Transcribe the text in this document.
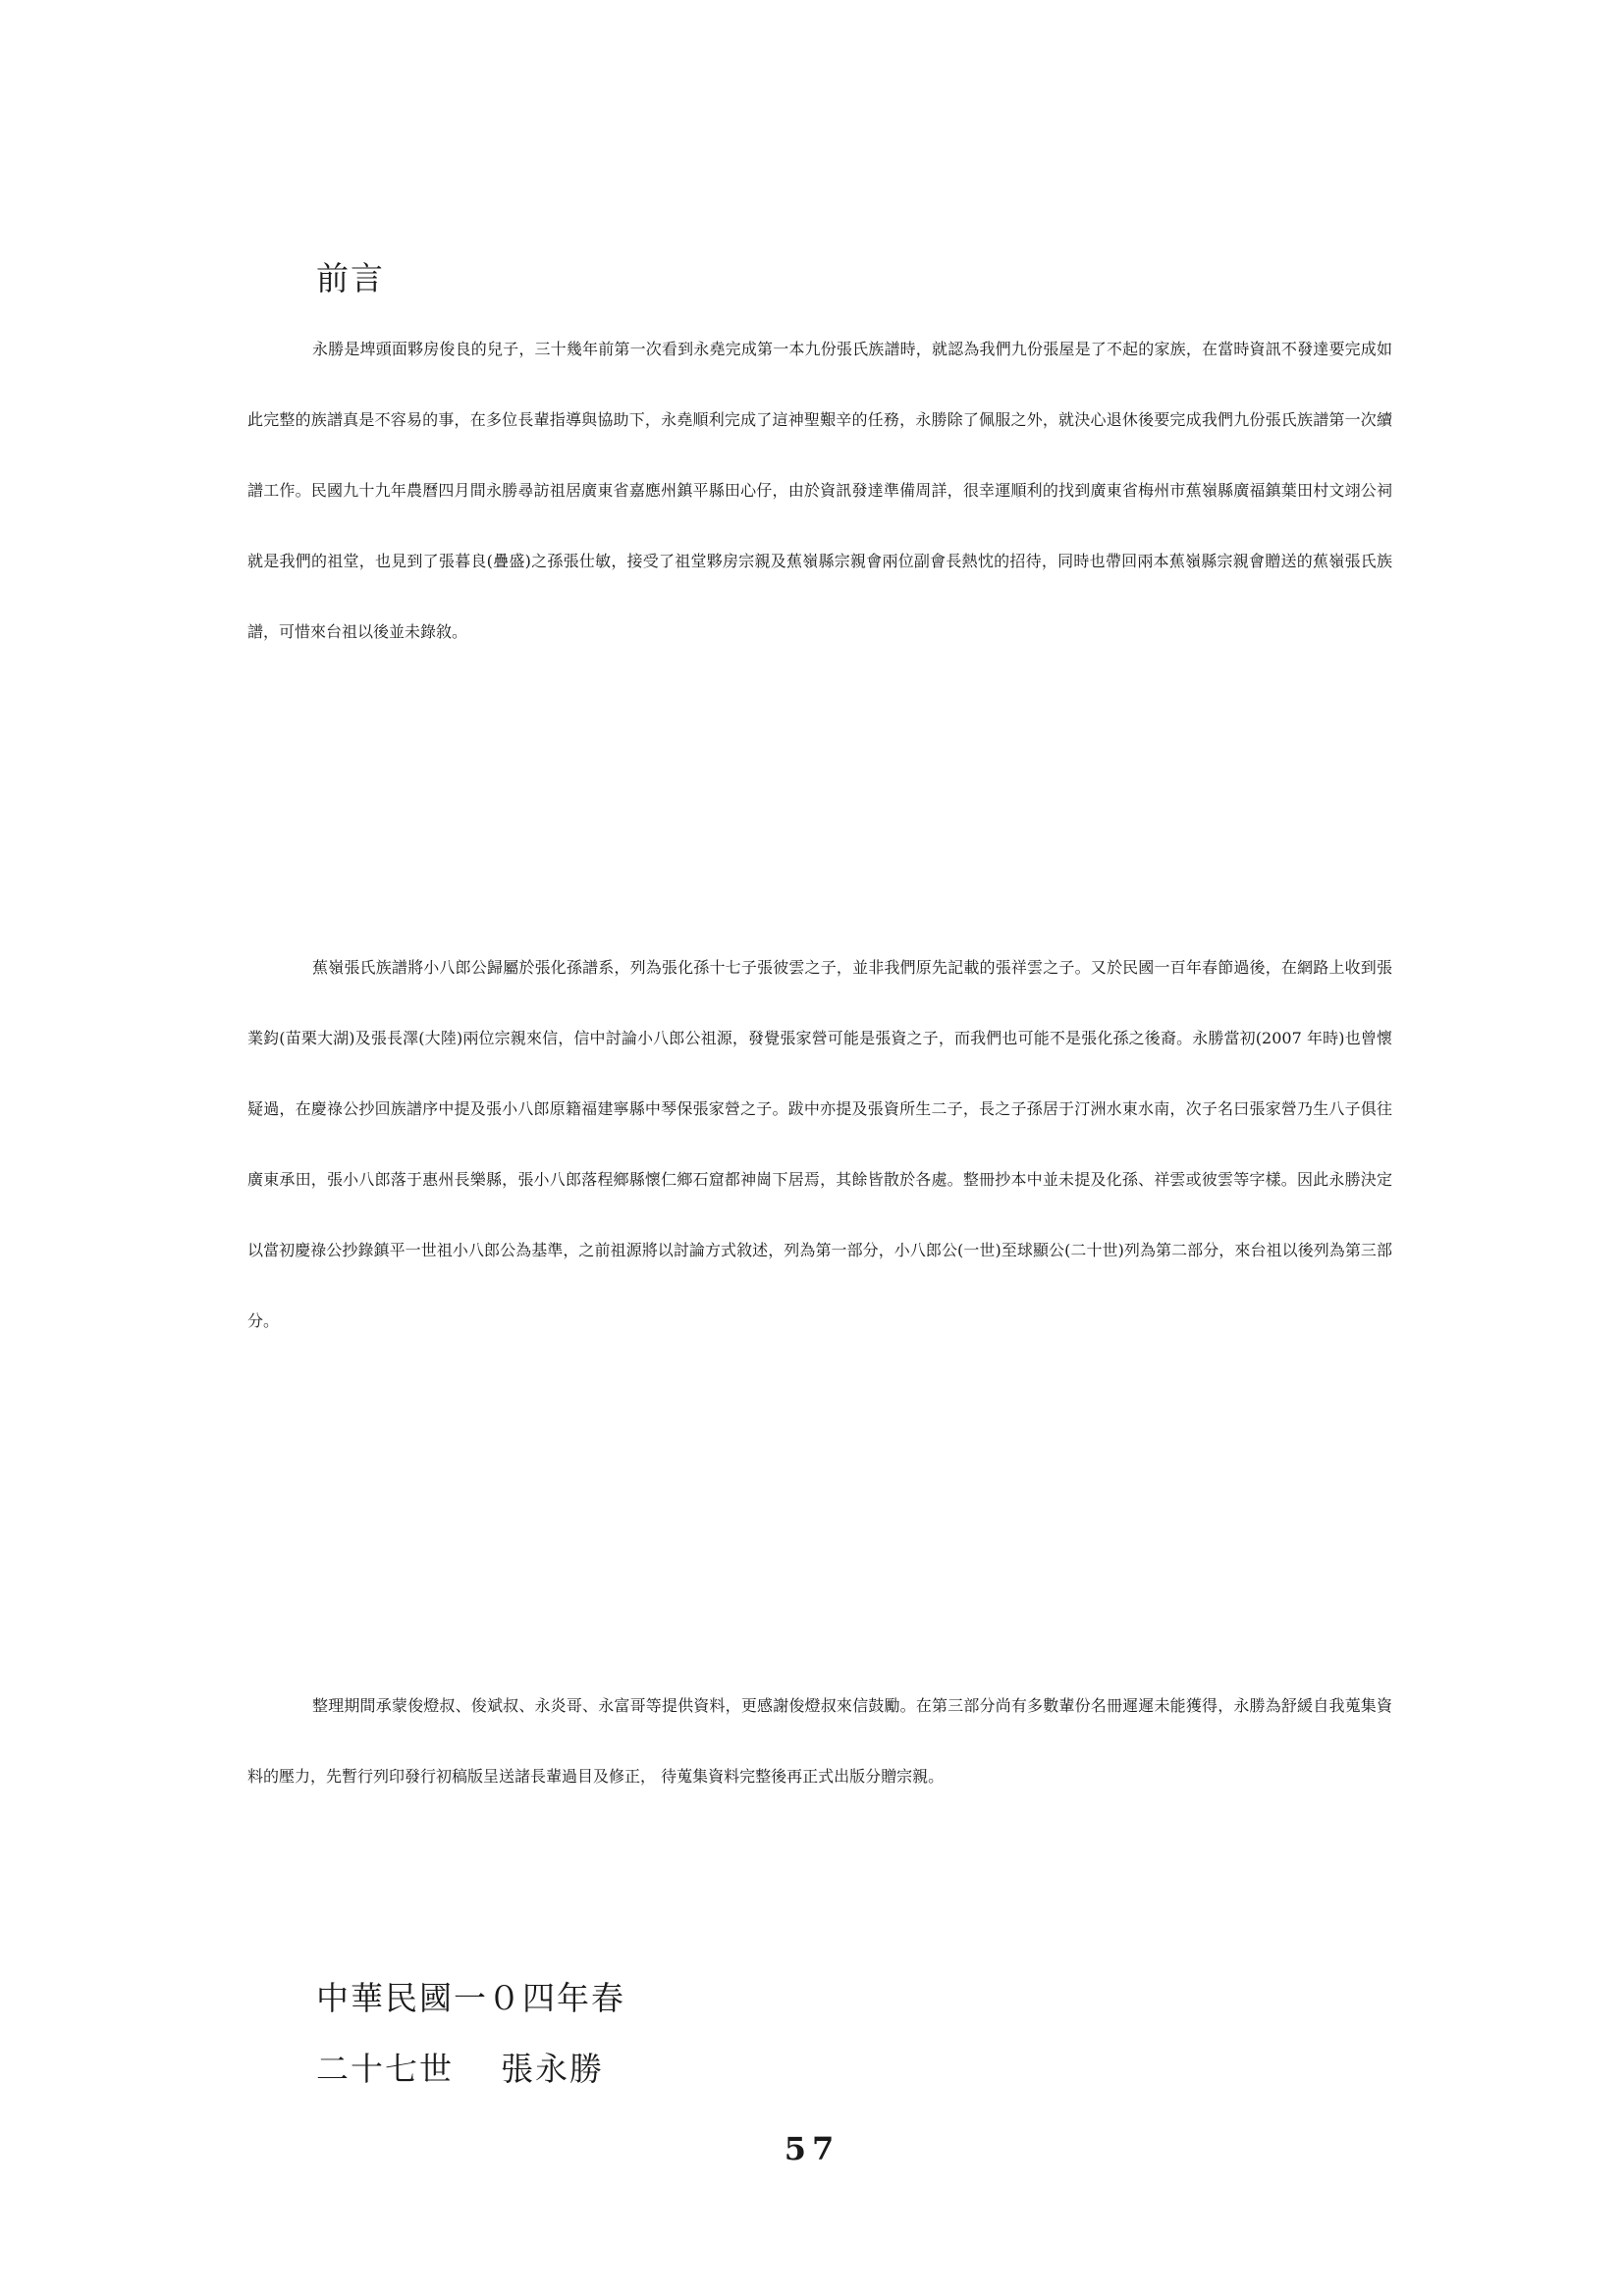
前言

永勝是埤頭面夥房俊良的兒子，三十幾年前第一次看到永堯完成第一本九份張氏族譜時，就認為我們九份張屋是了不起的家族，在當時資訊不發達要完成如此完整的族譜真是不容易的事，在多位長輩指導與協助下，永堯順利完成了這神聖艱辛的任務，永勝除了佩服之外，就決心退休後要完成我們九份張氏族譜第一次續譜工作。民國九十九年農曆四月間永勝尋訪祖居廣東省嘉應州鎮平縣田心仔，由於資訊發達準備周詳，很幸運順利的找到廣東省梅州市蕉嶺縣廣福鎮葉田村文翊公祠就是我們的祖堂，也見到了張暮良(疊盛)之孫張仕敏，接受了祖堂夥房宗親及蕉嶺縣宗親會兩位副會長熱忱的招待，同時也帶回兩本蕉嶺縣宗親會贈送的蕉嶺張氏族譜，可惜來台祖以後並未錄敘。

蕉嶺張氏族譜將小八郎公歸屬於張化孫譜系，列為張化孫十七子張彼雲之子，並非我們原先記載的張祥雲之子。又於民國一百年春節過後，在網路上收到張業鈞(苗栗大湖)及張長澤(大陸)兩位宗親來信，信中討論小八郎公祖源，發覺張家營可能是張資之子，而我們也可能不是張化孫之後裔。永勝當初(2007 年時)也曾懷疑過，在慶祿公抄回族譜序中提及張小八郎原籍福建寧縣中琴保張家營之子。跋中亦提及張資所生二子，長之子孫居于汀洲水東水南，次子名曰張家營乃生八子俱往廣東承田，張小八郎落于惠州長樂縣，張小八郎落程鄉縣懷仁鄉石窟都神崗下居焉，其餘皆散於各處。整冊抄本中並未提及化孫、祥雲或彼雲等字樣。因此永勝決定以當初慶祿公抄錄鎮平一世祖小八郎公為基準，之前祖源將以討論方式敘述，列為第一部分，小八郎公(一世)至球顯公(二十世)列為第二部分，來台祖以後列為第三部分。

整理期間承蒙俊燈叔、俊斌叔、永炎哥、永富哥等提供資料，更感謝俊燈叔來信鼓勵。在第三部分尚有多數輩份名冊遲遲未能獲得，永勝為舒緩自我蒐集資料的壓力，先暫行列印發行初稿版呈送諸長輩過目及修正， 待蒐集資料完整後再正式出版分贈宗親。

中華民國一０四年春
二十七世 張永勝
57
